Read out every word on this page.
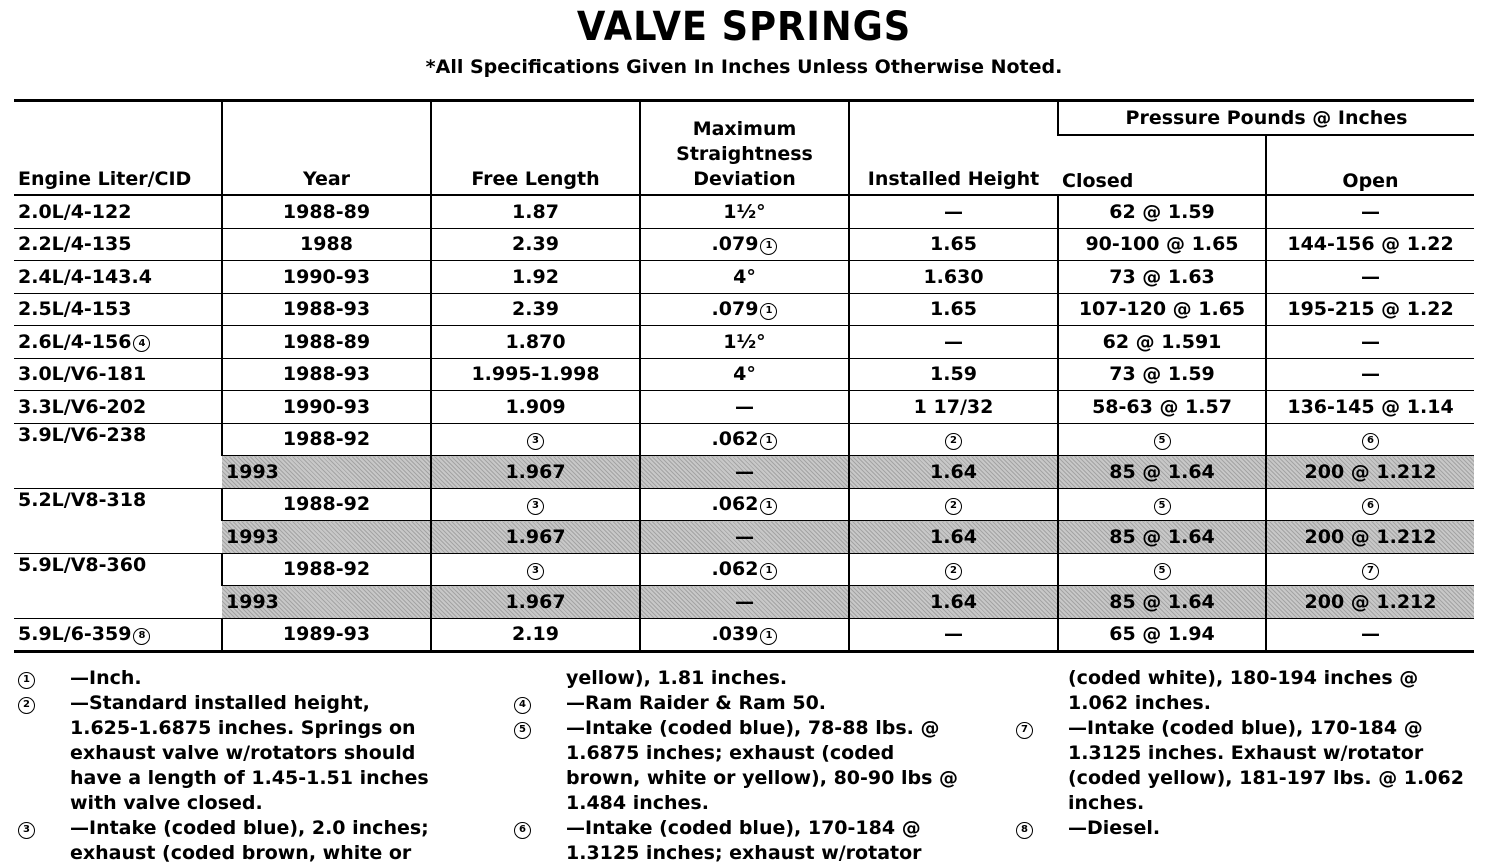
VALVE SPRINGS
*All Specifications Given In Inches Unless Otherwise Noted.
Engine Liter/CID	Year	Free Length	Maximum
Straightness
Deviation	Installed Height	Pressure Pounds @ Inches	
					Closed	Open
2.0L/4-122	1988-89	1.87	1½°	—	62 @ 1.59	—
2.2L/4-135	1988	2.39	.079 1	1.65	90-100 @ 1.65	144-156 @ 1.22
2.4L/4-143.4	1990-93	1.92	4°	1.630	73 @ 1.63	—
2.5L/4-153	1988-93	2.39	.079 1	1.65	107-120 @ 1.65	195-215 @ 1.22
2.6L/4-156 4	1988-89	1.870	1½°	—	62 @ 1.591	—
3.0L/V6-181	1988-93	1.995-1.998	4°	1.59	73 @ 1.59	—
3.3L/V6-202	1990-93	1.909	—	1 17/32	58-63 @ 1.57	136-145 @ 1.14
3.9L/V6-238	1988-92	3	.062 1	2	5	6
	1993	1.967	—	1.64	85 @ 1.64	200 @ 1.212
5.2L/V8-318	1988-92	3	.062 1	2	5	6
	1993	1.967	—	1.64	85 @ 1.64	200 @ 1.212
5.9L/V8-360	1988-92	3	.062 1	2	5	7
	1993	1.967	—	1.64	85 @ 1.64	200 @ 1.212
5.9L/6-359 8	1989-93	2.19	.039 1	—	65 @ 1.94	—
1 —Inch.
2 —Standard installed height,
1.625-1.6875 inches. Springs on
exhaust valve w/rotators should
have a length of 1.45-1.51 inches
with valve closed.
3 —Intake (coded blue), 2.0 inches;
exhaust (coded brown, white or
yellow), 1.81 inches.
4 —Ram Raider & Ram 50.
5 —Intake (coded blue), 78-88 lbs. @
1.6875 inches; exhaust (coded
brown, white or yellow), 80-90 lbs @
1.484 inches.
6 —Intake (coded blue), 170-184 @
1.3125 inches; exhaust w/rotator
(coded white), 180-194 inches @
1.062 inches.
7 —Intake (coded blue), 170-184 @
1.3125 inches. Exhaust w/rotator
(coded yellow), 181-197 lbs. @ 1.062
inches.
8 —Diesel.
